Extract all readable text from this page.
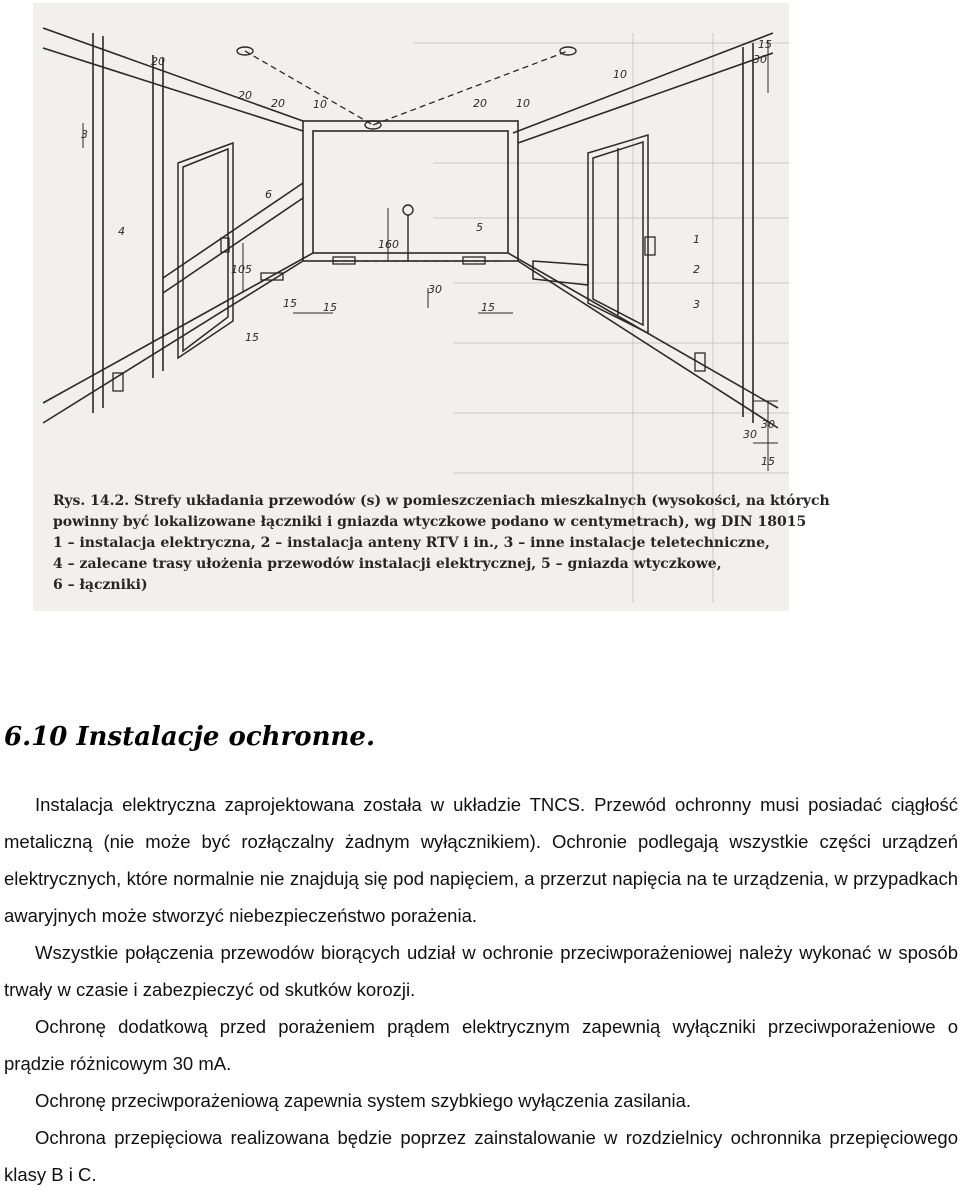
4
6
5
1
2
3
20
20
20	20
10	10
10
30
30
30
30
15
15
15	15
15
15
3
105
160
Rys. 14.2. Strefy układania przewodów (s) w pomieszczeniach mieszkalnych (wysokości, na których
powinny być lokalizowane łączniki i gniazda wtyczkowe podano w centymetrach), wg DIN 18015
1 – instalacja elektryczna, 2 – instalacja anteny RTV i in., 3 – inne instalacje teletechniczne,
4 – zalecane trasy ułożenia przewodów instalacji elektrycznej, 5 – gniazda wtyczkowe,
6 – łączniki)
6.10 Instalacje ochronne.

Instalacja elektryczna zaprojektowana została w układzie TNCS. Przewód ochronny musi posiadać ciągłość metaliczną (nie może być rozłączalny żadnym wyłącznikiem). Ochronie podlegają wszystkie części urządzeń elektrycznych, które normalnie nie znajdują się pod napięciem, a przerzut napięcia na te urządzenia, w przypadkach awaryjnych może stworzyć niebezpieczeństwo porażenia.

Wszystkie połączenia przewodów biorących udział w ochronie przeciwporażeniowej należy wykonać w sposób trwały w czasie i zabezpieczyć od skutków korozji.

Ochronę dodatkową przed porażeniem prądem elektrycznym zapewnią wyłączniki przeciwporażeniowe o prądzie różnicowym 30 mA.

Ochronę przeciwporażeniową zapewnia system szybkiego wyłączenia zasilania.

Ochrona przepięciowa realizowana będzie poprzez zainstalowanie w rozdzielnicy ochronnika przepięciowego klasy B i C.
